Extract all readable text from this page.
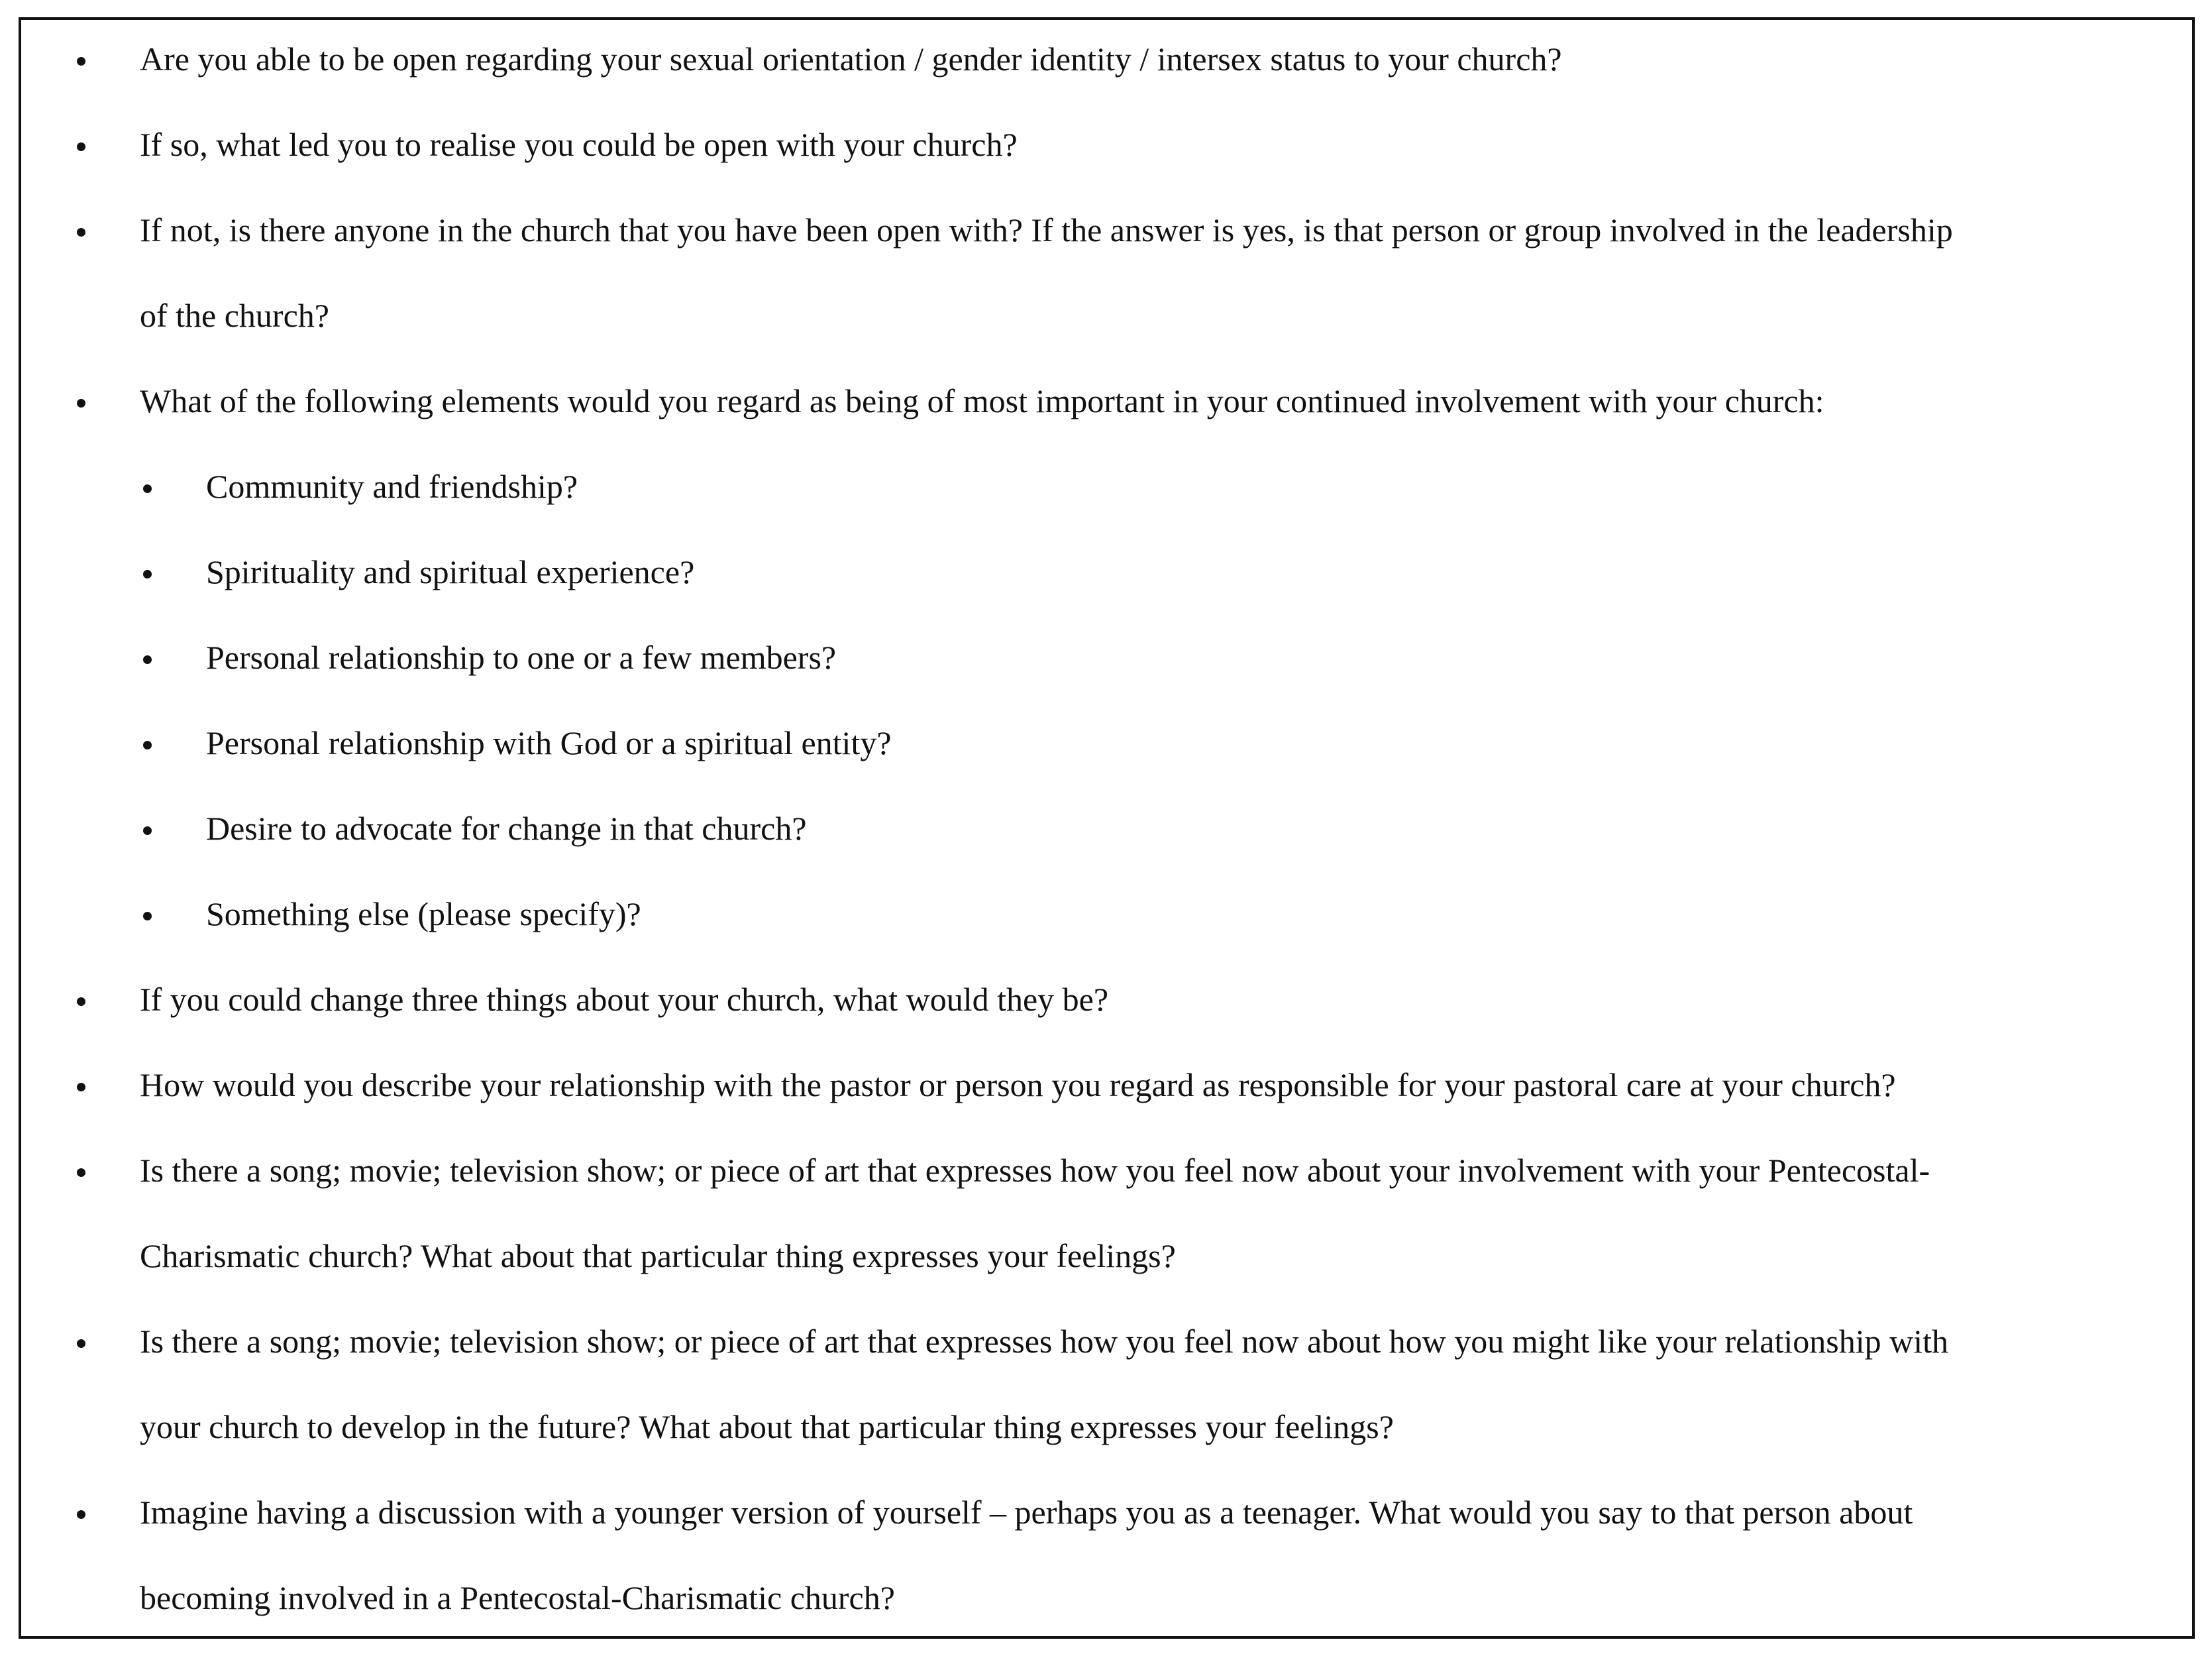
Are you able to be open regarding your sexual orientation / gender identity / intersex status to your church?
If so, what led you to realise you could be open with your church?
If not, is there anyone in the church that you have been open with? If the answer is yes, is that person or group involved in the leadership
of the church?
What of the following elements would you regard as being of most important in your continued involvement with your church:
Community and friendship?
Spirituality and spiritual experience?
Personal relationship to one or a few members?
Personal relationship with God or a spiritual entity?
Desire to advocate for change in that church?
Something else (please specify)?
If you could change three things about your church, what would they be?
How would you describe your relationship with the pastor or person you regard as responsible for your pastoral care at your church?
Is there a song; movie; television show; or piece of art that expresses how you feel now about your involvement with your Pentecostal-
Charismatic church? What about that particular thing expresses your feelings?
Is there a song; movie; television show; or piece of art that expresses how you feel now about how you might like your relationship with
your church to develop in the future? What about that particular thing expresses your feelings?
Imagine having a discussion with a younger version of yourself – perhaps you as a teenager. What would you say to that person about
becoming involved in a Pentecostal-Charismatic church?
